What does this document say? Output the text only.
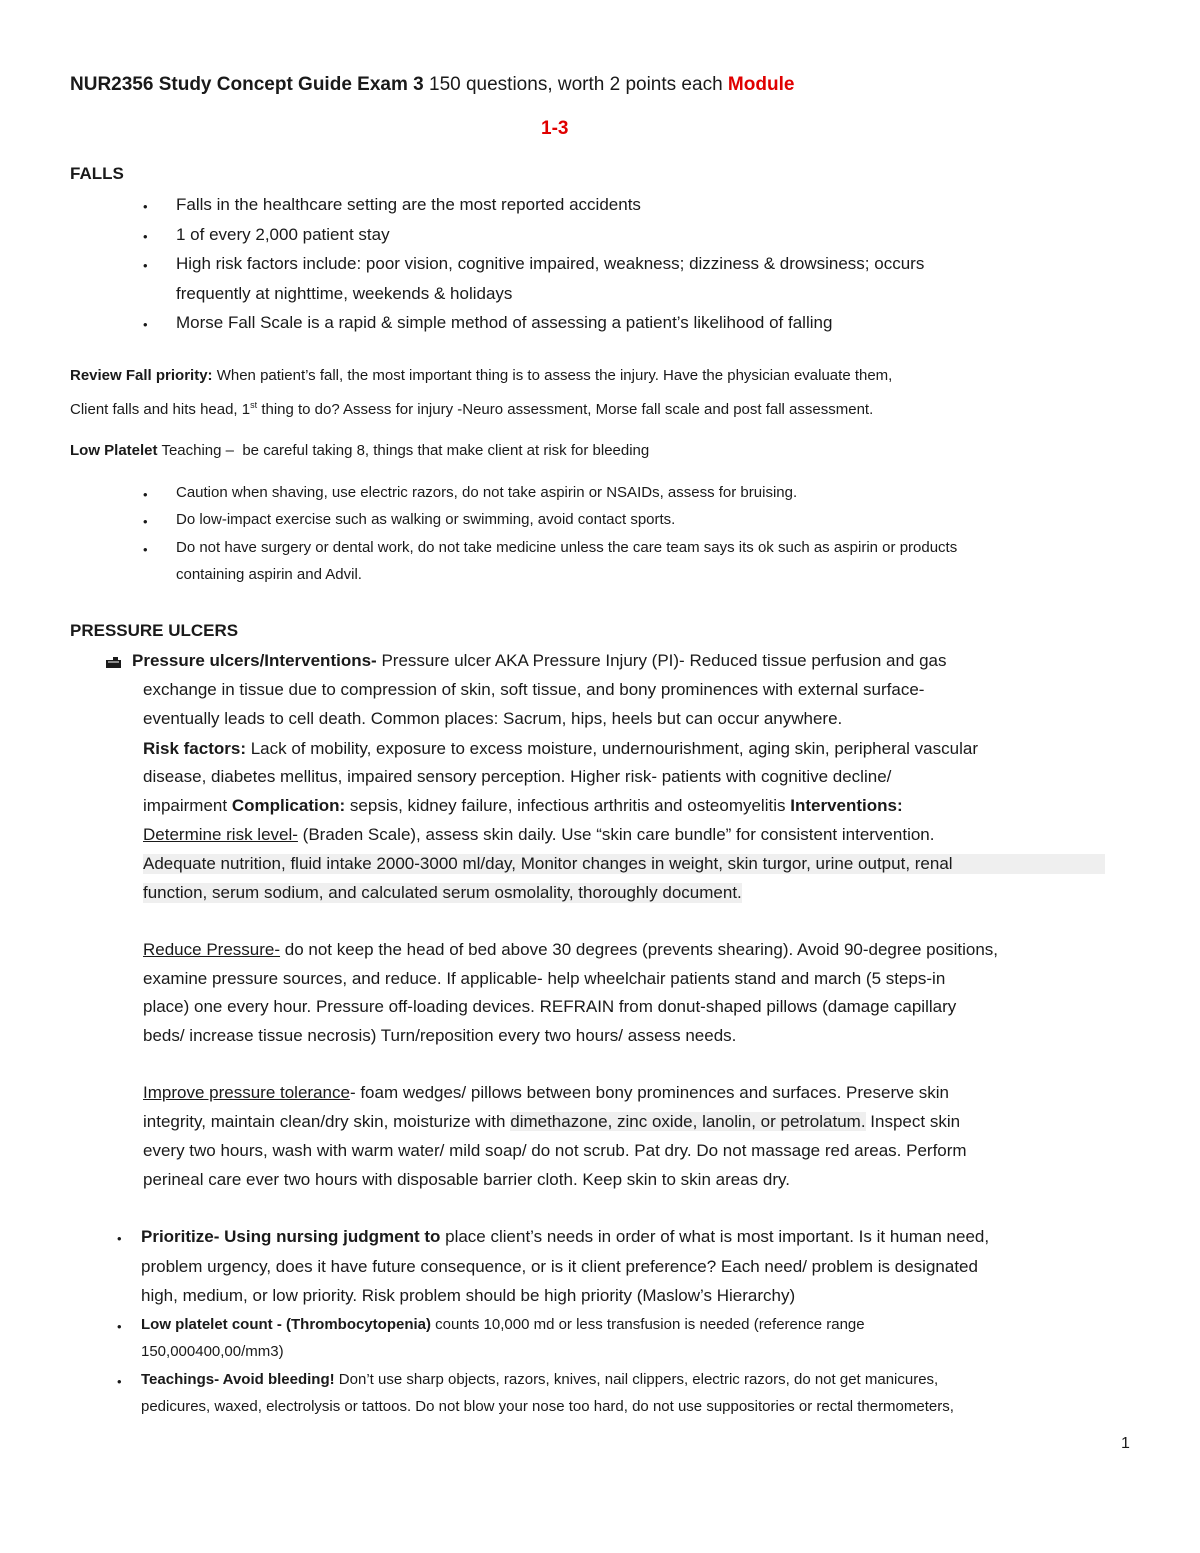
NUR2356 Study Concept Guide Exam 3 150 questions, worth 2 points each Module
1-3
FALLS
• Falls in the healthcare setting are the most reported accidents
• 1 of every 2,000 patient stay
• High risk factors include: poor vision, cognitive impaired, weakness; dizziness & drowsiness; occurs
frequently at nighttime, weekends & holidays
• Morse Fall Scale is a rapid & simple method of assessing a patient’s likelihood of falling
Review Fall priority: When patient’s fall, the most important thing is to assess the injury. Have the physician evaluate them,
Client falls and hits head, 1st thing to do? Assess for injury -Neuro assessment, Morse fall scale and post fall assessment.
Low Platelet Teaching – be careful taking 8, things that make client at risk for bleeding
• Caution when shaving, use electric razors, do not take aspirin or NSAIDs, assess for bruising.
• Do low-impact exercise such as walking or swimming, avoid contact sports.
• Do not have surgery or dental work, do not take medicine unless the care team says its ok such as aspirin or products
containing aspirin and Advil.
PRESSURE ULCERS
Pressure ulcers/Interventions- Pressure ulcer AKA Pressure Injury (PI)- Reduced tissue perfusion and gas
exchange in tissue due to compression of skin, soft tissue, and bony prominences with external surface-
eventually leads to cell death. Common places: Sacrum, hips, heels but can occur anywhere.
Risk factors: Lack of mobility, exposure to excess moisture, undernourishment, aging skin, peripheral vascular
disease, diabetes mellitus, impaired sensory perception. Higher risk- patients with cognitive decline/
impairment Complication: sepsis, kidney failure, infectious arthritis and osteomyelitis Interventions:
Determine risk level- (Braden Scale), assess skin daily. Use “skin care bundle” for consistent intervention.
Adequate nutrition, fluid intake 2000-3000 ml/day, Monitor changes in weight, skin turgor, urine output, renal
function, serum sodium, and calculated serum osmolality, thoroughly document.
Reduce Pressure- do not keep the head of bed above 30 degrees (prevents shearing). Avoid 90-degree positions,
examine pressure sources, and reduce. If applicable- help wheelchair patients stand and march (5 steps-in
place) one every hour. Pressure off-loading devices. REFRAIN from donut-shaped pillows (damage capillary
beds/ increase tissue necrosis) Turn/reposition every two hours/ assess needs.
Improve pressure tolerance- foam wedges/ pillows between bony prominences and surfaces. Preserve skin
integrity, maintain clean/dry skin, moisturize with dimethazone, zinc oxide, lanolin, or petrolatum. Inspect skin
every two hours, wash with warm water/ mild soap/ do not scrub. Pat dry. Do not massage red areas. Perform
perineal care ever two hours with disposable barrier cloth. Keep skin to skin areas dry.
• Prioritize- Using nursing judgment to place client’s needs in order of what is most important. Is it human need,
problem urgency, does it have future consequence, or is it client preference? Each need/ problem is designated
high, medium, or low priority. Risk problem should be high priority (Maslow’s Hierarchy)
• Low platelet count - (Thrombocytopenia) counts 10,000 md or less transfusion is needed (reference range
150,000400,00/mm3)
• Teachings- Avoid bleeding! Don’t use sharp objects, razors, knives, nail clippers, electric razors, do not get manicures,
pedicures, waxed, electrolysis or tattoos. Do not blow your nose too hard, do not use suppositories or rectal thermometers,
1
